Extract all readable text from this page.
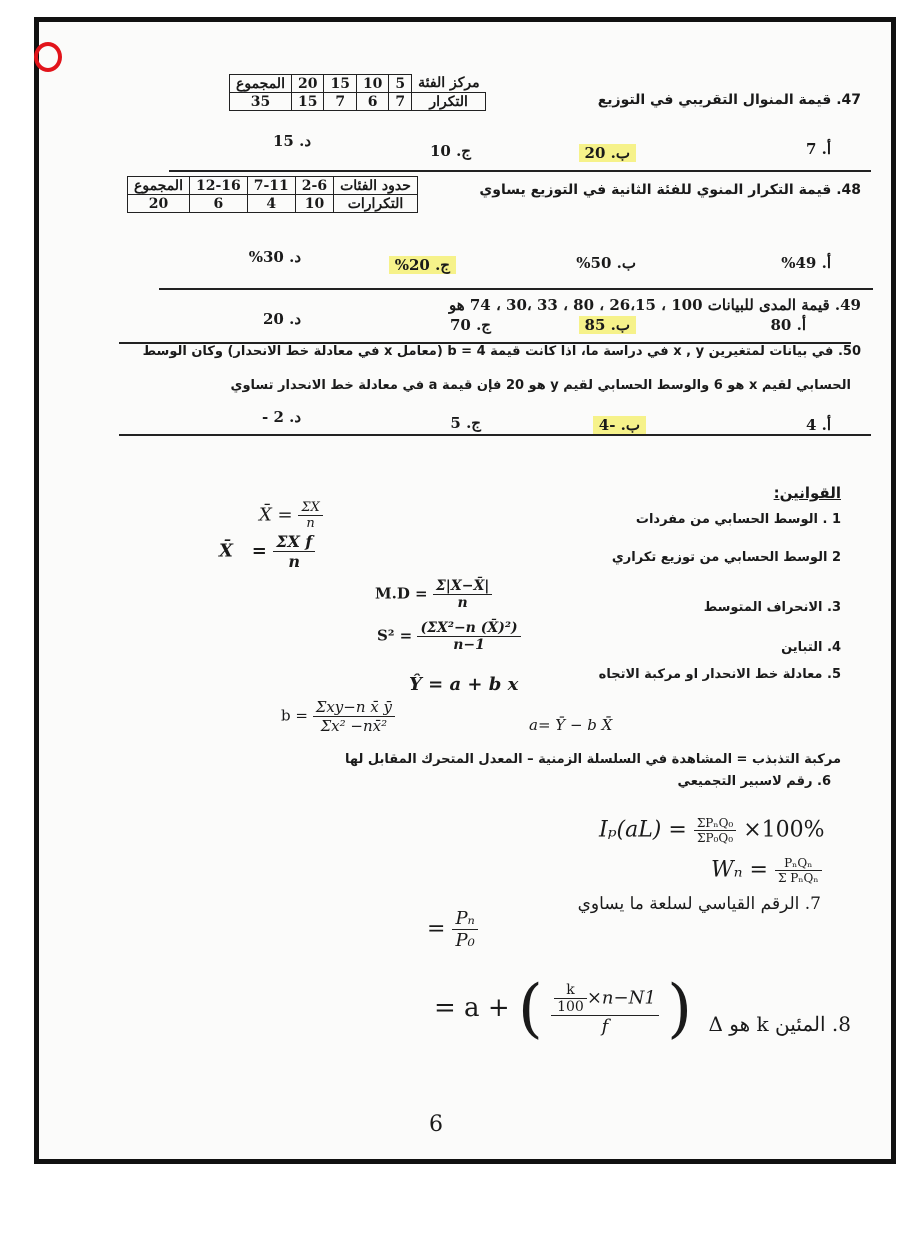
47. قيمة المنوال التقريبي في التوزيع
مركز الفئة	5	10	15	20	المجموع
التكرار	7	6	7	15	35
أ. 7
ب. 20
ج. 10
د. 15
48. قيمة التكرار المنوي للفئة الثانية في التوزيع يساوي
حدود الفئات	2-6	7-11	12-16	المجموع
التكرارات	10	4	6	20
أ. 49%
ب. 50%
ج. 20%
د. 30%
49. قيمة المدى للبيانات 100 ، 26،15 ، 80 ، 33 ،30 ، 74 هو
أ. 80
ب. 85
ج. 70
د. 20
50. في بيانات لمتغيرين x , y في دراسة ما، اذا كانت قيمة b = 4 (معامل x في معادلة خط الانحدار) وكان الوسط
الحسابي لقيم x هو 6 والوسط الحسابي لقيم y هو 20 فإن قيمة a في معادلة خط الانحدار تساوي
أ. 4
ب. -4
ج. 5
د. 2 -
القوانين:
1 . الوسط الحسابي من مفردات
X̄ = $\frac{\Sigma X}{n}$
2 الوسط الحسابي من توزيع تكراري
X̄   = $\frac{\text{ΣX f}}{n}$
3. الانحراف المتوسط
$M.D = \frac{\Sigma|X-X̄|}{n}$
4. التباين
$S^2 = \frac{\text{(ΣX²−n (X̄)²)}}{n-1}$
5. معادلة خط الانحدار او مركبة الاتجاه
Ŷ = a + b x
$b = \frac{\text{Σxy−n x̄ ȳ}}{\text{Σx² −nx̄²}}$	a= Ȳ − b X̄
مركبة التذبذب = المشاهدة في السلسلة الزمنية – المعدل المتحرك المقابل لها
6. رقم لاسبير التجميعي
$I_p(aL) = \frac{\text{ΣPₙQ₀}}{\text{ΣP₀Q₀}} \times 100\%$
$W_n = \frac{\text{PₙQₙ}}{\text{Σ PₙQₙ}}$
7. الرقم القياسي لسلعة ما يساوي
= $\frac{\text{Pₙ}}{\text{P₀}}$
= a + ( $\frac{\frac{k}{100} \times n-N1}{f}$ ) 8. المئين k هو Δ
6
